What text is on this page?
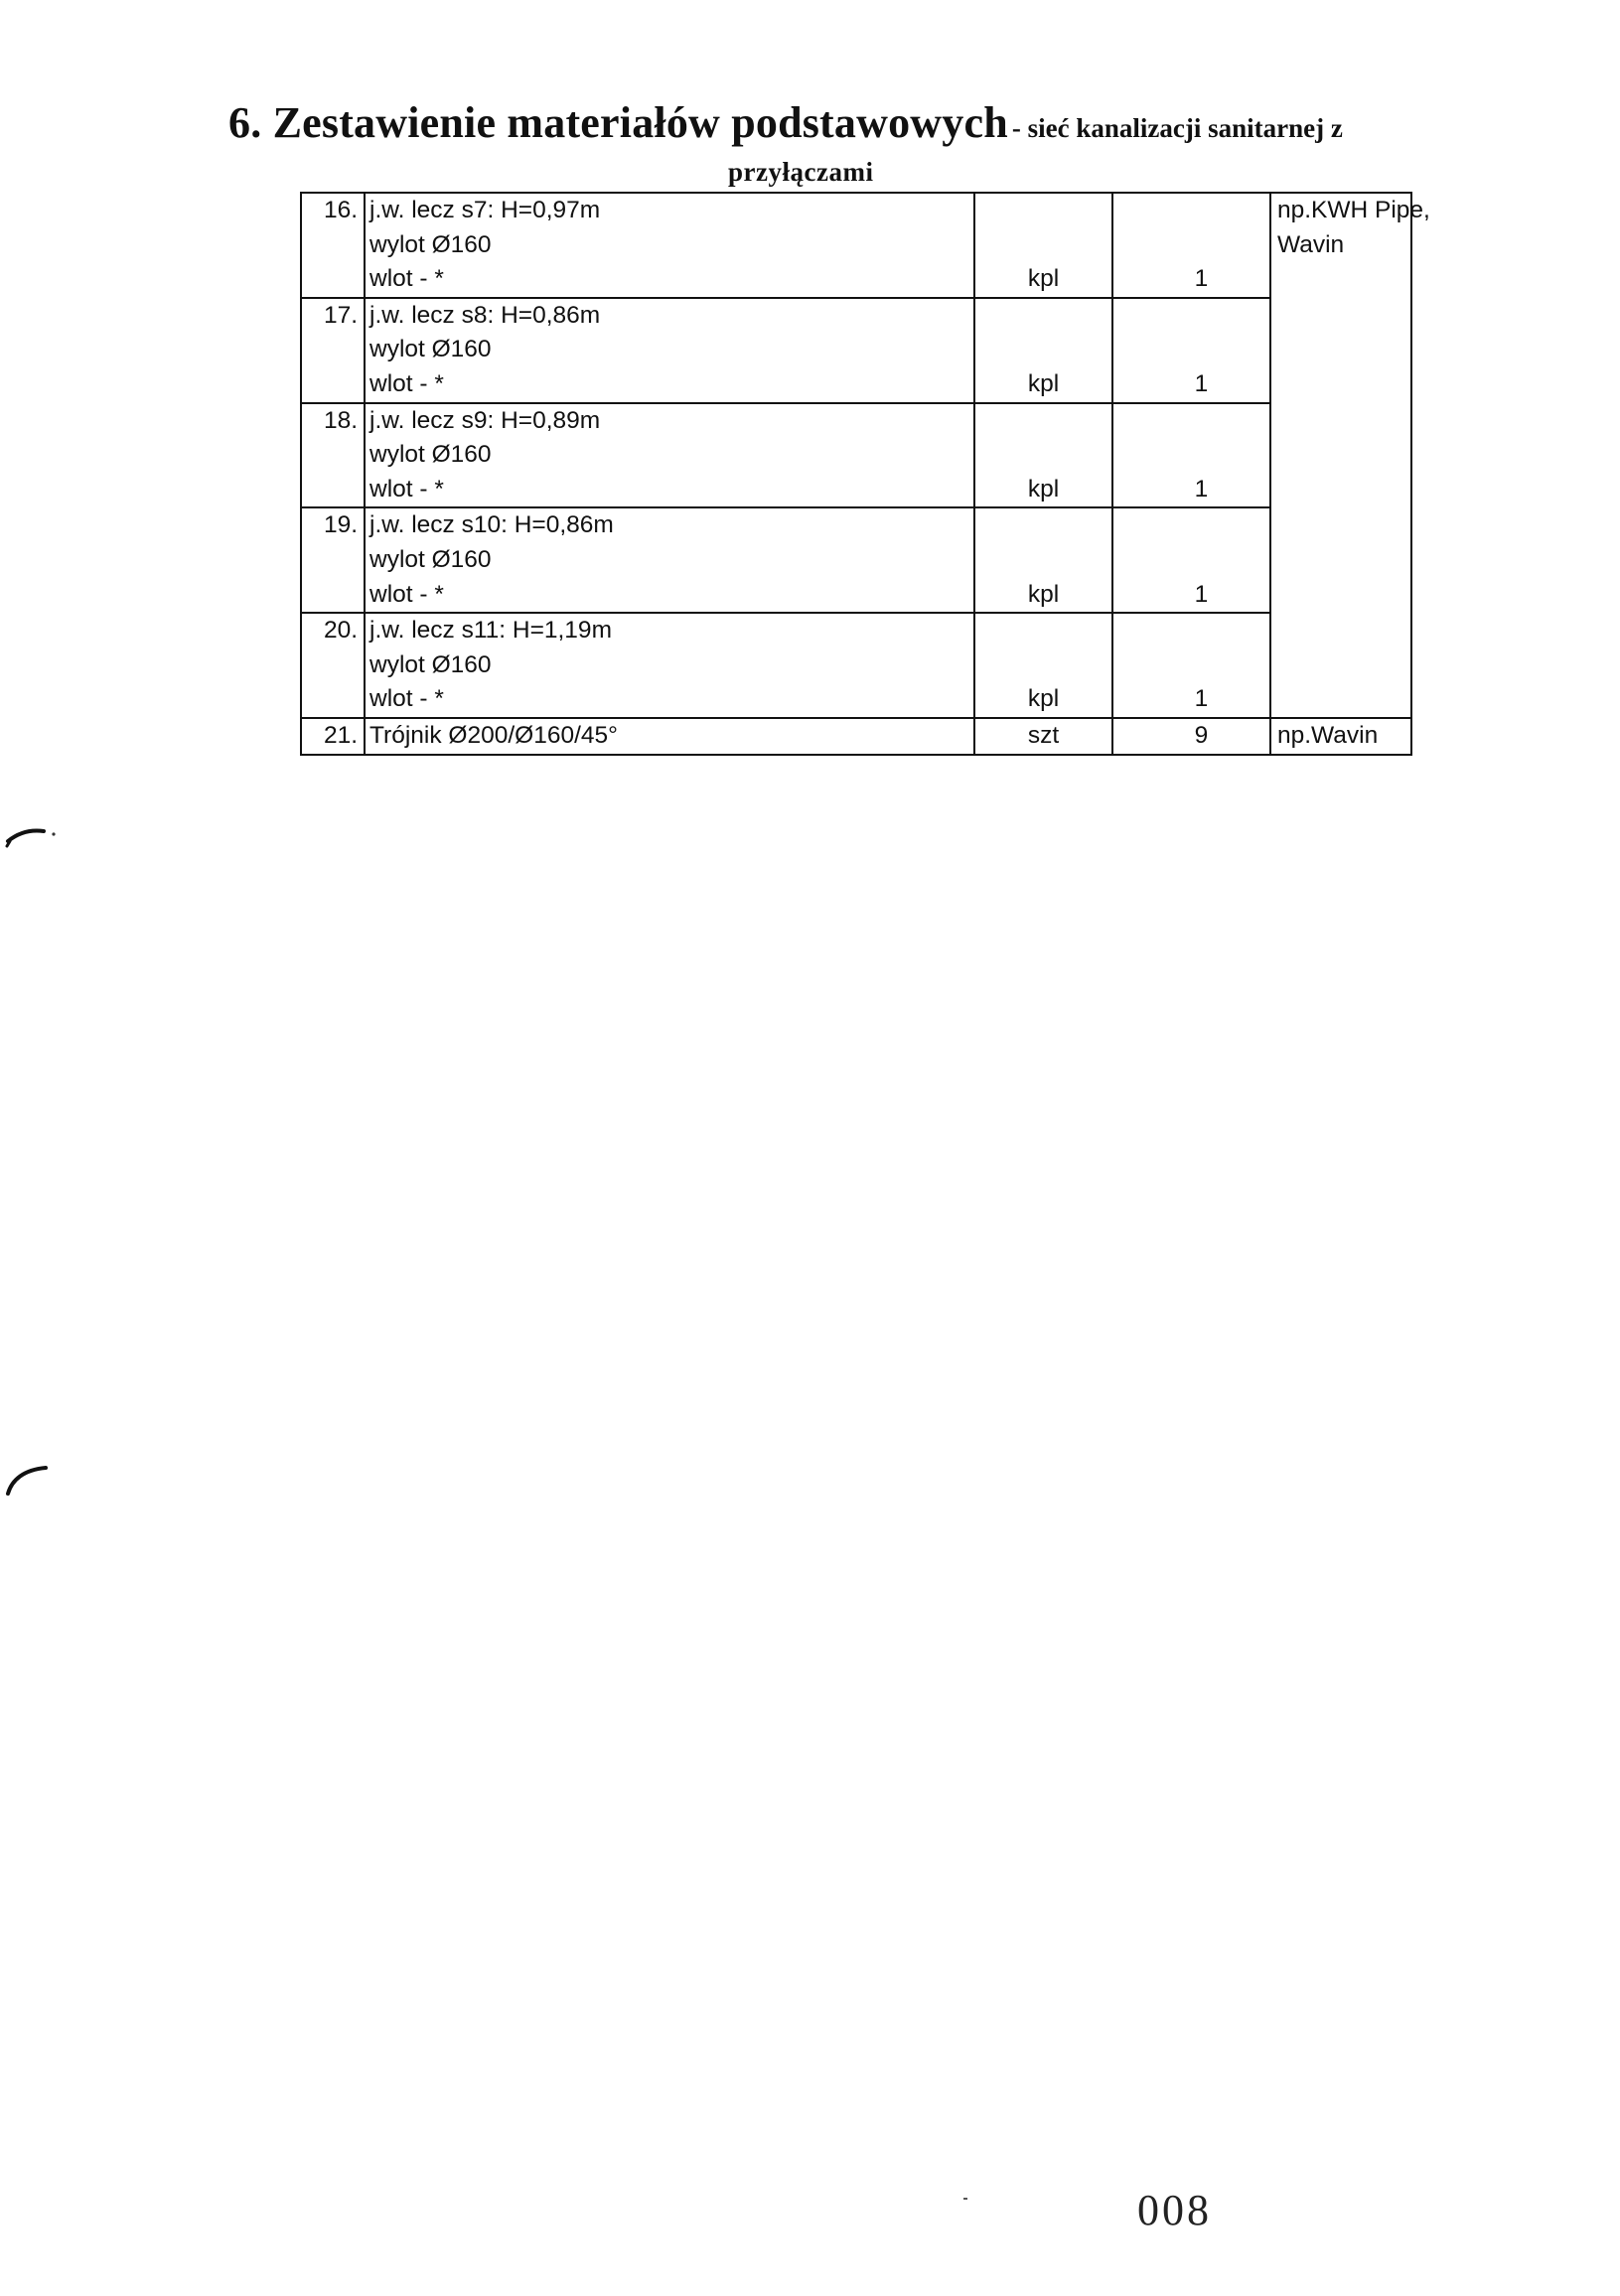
6. Zestawienie materiałów podstawowych - sieć kanalizacji sanitarnej z
przyłączami
16.	j.w. lecz s7: H=0,97m
wylot Ø160
wlot - *	kpl	1	np.KWH Pipe,
Wavin

17.	j.w. lecz s8: H=0,86m
wylot Ø160
wlot - *	kpl	1	
18.	j.w. lecz s9: H=0,89m
wylot Ø160
wlot - *	kpl	1	
19.	j.w. lecz s10: H=0,86m
wylot Ø160
wlot - *	kpl	1	
20.	j.w. lecz s11: H=1,19m
wylot Ø160
wlot - *	kpl	1	
21.	Trójnik Ø200/Ø160/45°	szt	9	np.Wavin
008
